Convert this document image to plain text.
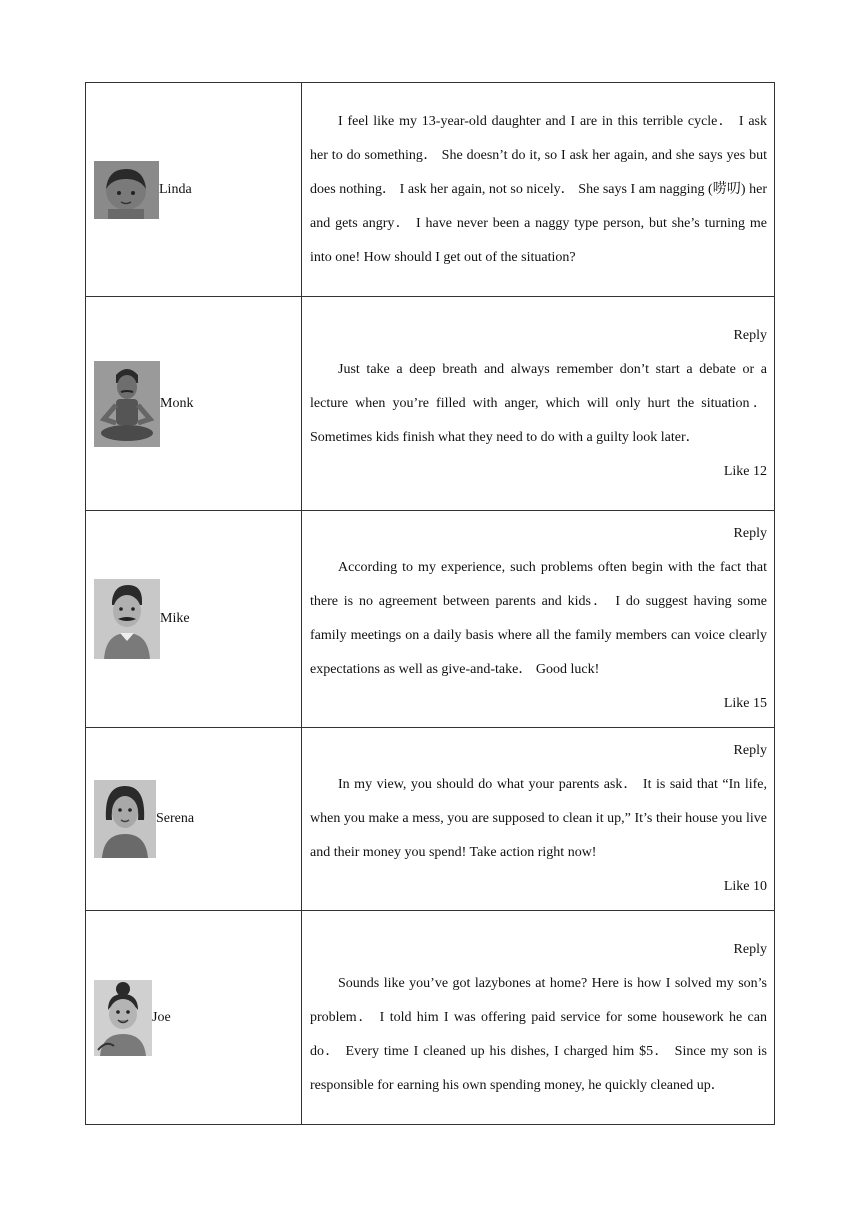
Linda	I feel like my 13-year-old daughter and I are in this terrible cycle． I ask her to do something． She doesn’t do it, so I ask her again, and she says yes but does nothing． I ask her again, not so nicely． She says I am nagging (唠叨) her and gets angry． I have never been a naggy type person, but she’s turning me into one! How should I get out of the situation?

Monk	Reply
Just take a deep breath and always remember don’t start a debate or a lecture when you’re filled with anger, which will only hurt the situation． Sometimes kids finish what they need to do with a guilty look later．
Like 12

Mike	Reply
According to my experience, such problems often begin with the fact that there is no agreement between parents and kids． I do suggest having some family meetings on a daily basis where all the family members can voice clearly expectations as well as give-and-take． Good luck!
Like 15

Serena	Reply
In my view, you should do what your parents ask． It is said that “In life, when you make a mess, you are supposed to clean it up,” It’s their house you live and their money you spend! Take action right now!
Like 10

Joe	Reply
Sounds like you’ve got lazybones at home? Here is how I solved my son’s problem． I told him I was offering paid service for some housework he can do． Every time I cleaned up his dishes, I charged him $5． Since my son is responsible for earning his own spending money, he quickly cleaned up．
